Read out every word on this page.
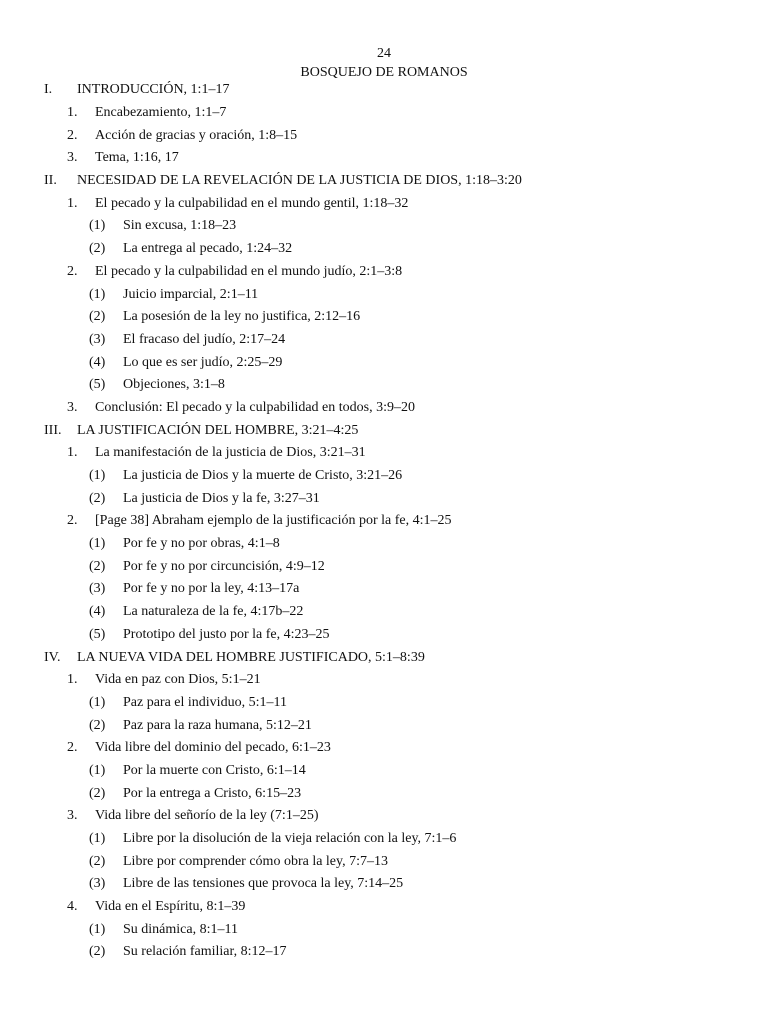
24
BOSQUEJO DE ROMANOS
I.	INTRODUCCIÓN, 1:1–17
1.	Encabezamiento, 1:1–7
2.	Acción de gracias y oración, 1:8–15
3.	Tema, 1:16, 17
II.	NECESIDAD DE LA REVELACIÓN DE LA JUSTICIA DE DIOS, 1:18–3:20
1.	El pecado y la culpabilidad en el mundo gentil, 1:18–32
(1)	Sin excusa, 1:18–23
(2)	La entrega al pecado, 1:24–32
2.	El pecado y la culpabilidad en el mundo judío, 2:1–3:8
(1)	Juicio imparcial, 2:1–11
(2)	La posesión de la ley no justifica, 2:12–16
(3)	El fracaso del judío, 2:17–24
(4)	Lo que es ser judío, 2:25–29
(5)	Objeciones, 3:1–8
3.	Conclusión: El pecado y la culpabilidad en todos, 3:9–20
III.	LA JUSTIFICACIÓN DEL HOMBRE, 3:21–4:25
1.	La manifestación de la justicia de Dios, 3:21–31
(1)	La justicia de Dios y la muerte de Cristo, 3:21–26
(2)	La justicia de Dios y la fe, 3:27–31
2.	[Page 38] Abraham ejemplo de la justificación por la fe, 4:1–25
(1)	Por fe y no por obras, 4:1–8
(2)	Por fe y no por circuncisión, 4:9–12
(3)	Por fe y no por la ley, 4:13–17a
(4)	La naturaleza de la fe, 4:17b–22
(5)	Prototipo del justo por la fe, 4:23–25
IV.	LA NUEVA VIDA DEL HOMBRE JUSTIFICADO, 5:1–8:39
1.	Vida en paz con Dios, 5:1–21
(1)	Paz para el individuo, 5:1–11
(2)	Paz para la raza humana, 5:12–21
2.	Vida libre del dominio del pecado, 6:1–23
(1)	Por la muerte con Cristo, 6:1–14
(2)	Por la entrega a Cristo, 6:15–23
3.	Vida libre del señorío de la ley (7:1–25)
(1)	Libre por la disolución de la vieja relación con la ley, 7:1–6
(2)	Libre por comprender cómo obra la ley, 7:7–13
(3)	Libre de las tensiones que provoca la ley, 7:14–25
4.	Vida en el Espíritu, 8:1–39
(1)	Su dinámica, 8:1–11
(2)	Su relación familiar, 8:12–17
